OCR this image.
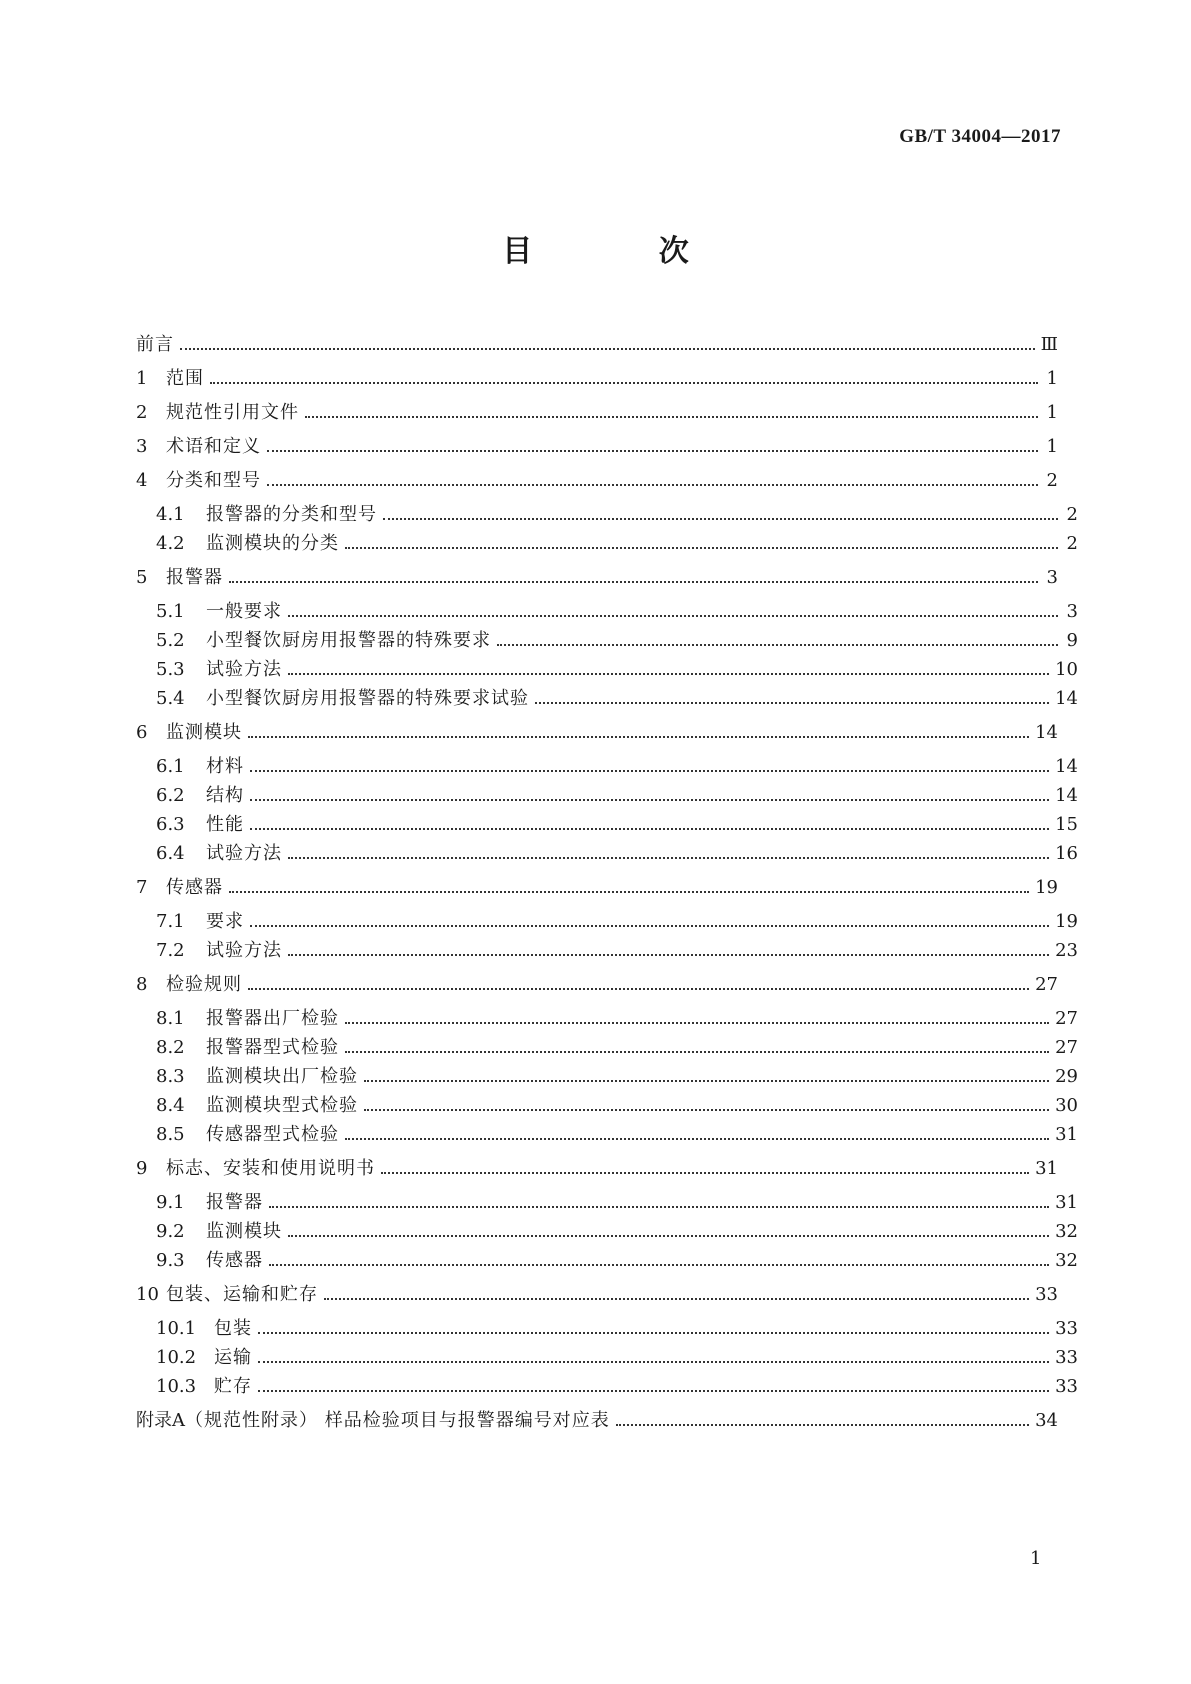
GB/T 34004—2017
目 次
前言	Ⅲ
1	范围	1
2	规范性引用文件	1
3	术语和定义	1
4	分类和型号	2
4.1	报警器的分类和型号	2
4.2	监测模块的分类	2
5	报警器	3
5.1	一般要求	3
5.2	小型餐饮厨房用报警器的特殊要求	9
5.3	试验方法	10
5.4	小型餐饮厨房用报警器的特殊要求试验	14
6	监测模块	14
6.1	材料	14
6.2	结构	14
6.3	性能	15
6.4	试验方法	16
7	传感器	19
7.1	要求	19
7.2	试验方法	23
8	检验规则	27
8.1	报警器出厂检验	27
8.2	报警器型式检验	27
8.3	监测模块出厂检验	29
8.4	监测模块型式检验	30
8.5	传感器型式检验	31
9	标志、安装和使用说明书	31
9.1	报警器	31
9.2	监测模块	32
9.3	传感器	32
10 包装、运输和贮存	33
10.1 包装	33
10.2 运输	33
10.3 贮存	33
附录A （规范性附录） 样品检验项目与报警器编号对应表	34
1
